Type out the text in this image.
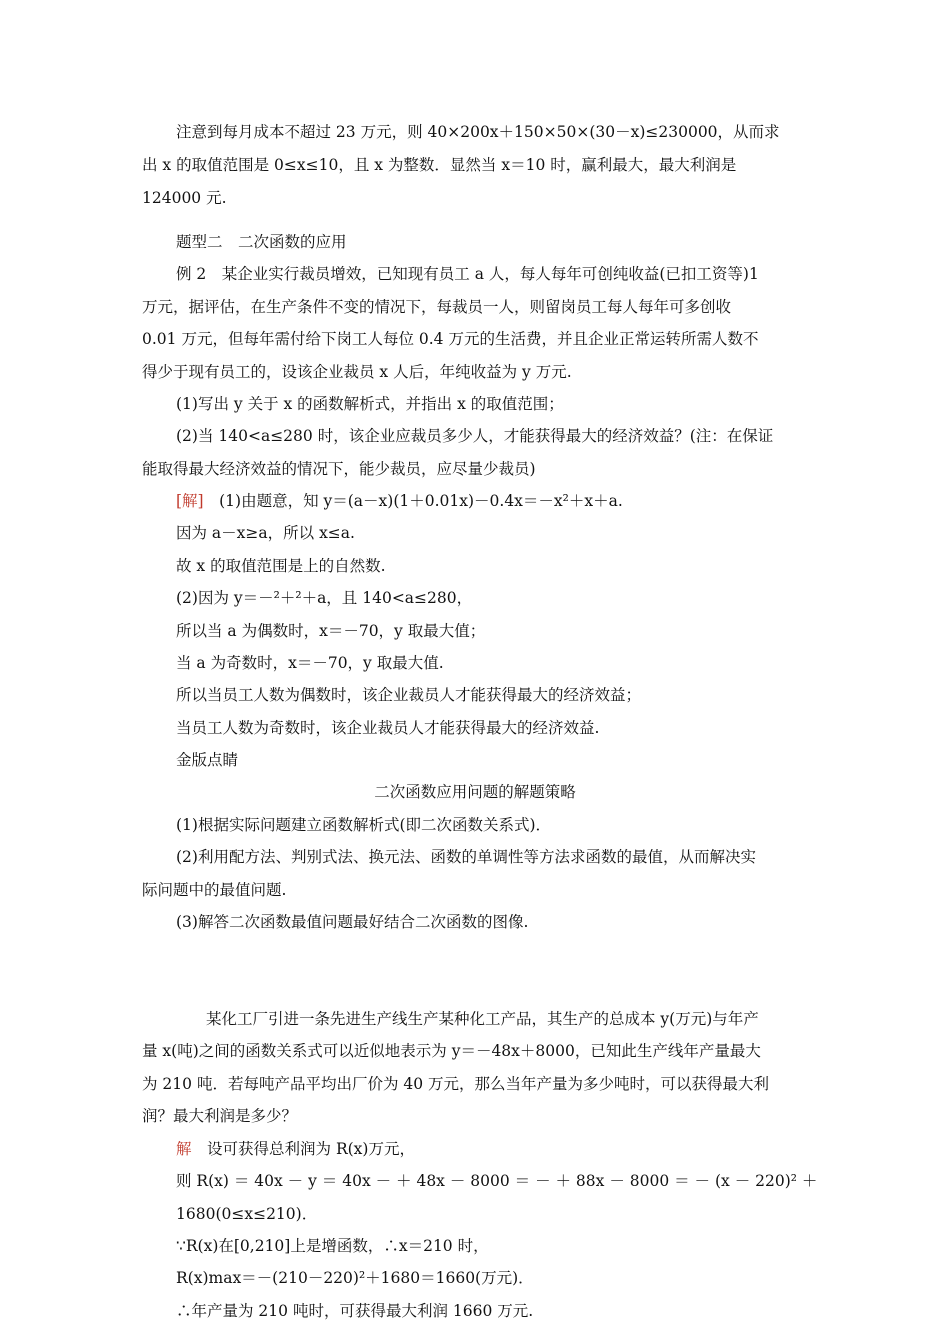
注意到每月成本不超过 23 万元，则 40×200x＋150×50×(30－x)≤230000，从而求
出 x 的取值范围是 0≤x≤10，且 x 为整数．显然当 x＝10 时，赢利最大，最大利润是
124000 元.
题型二　二次函数的应用
例 2　某企业实行裁员增效，已知现有员工 a 人，每人每年可创纯收益(已扣工资等)1
万元，据评估，在生产条件不变的情况下，每裁员一人，则留岗员工每人每年可多创收
0.01 万元，但每年需付给下岗工人每位 0.4 万元的生活费，并且企业正常运转所需人数不
得少于现有员工的，设该企业裁员 x 人后，年纯收益为 y 万元.
(1)写出 y 关于 x 的函数解析式，并指出 x 的取值范围；
(2)当 140<a≤280 时，该企业应裁员多少人，才能获得最大的经济效益？(注：在保证
能取得最大经济效益的情况下，能少裁员，应尽量少裁员)
[解]　(1)由题意，知 y＝(a－x)(1＋0.01x)－0.4x＝－x²＋x＋a.
因为 a－x≥a，所以 x≤a.
故 x 的取值范围是上的自然数.
(2)因为 y＝－²＋²＋a，且 140<a≤280，
所以当 a 为偶数时，x＝－70，y 取最大值；
当 a 为奇数时，x＝－70，y 取最大值.
所以当员工人数为偶数时，该企业裁员人才能获得最大的经济效益；
当员工人数为奇数时，该企业裁员人才能获得最大的经济效益.
金版点睛
二次函数应用问题的解题策略
(1)根据实际问题建立函数解析式(即二次函数关系式)．
(2)利用配方法、判别式法、换元法、函数的单调性等方法求函数的最值，从而解决实
际问题中的最值问题.
(3)解答二次函数最值问题最好结合二次函数的图像.
某化工厂引进一条先进生产线生产某种化工产品，其生产的总成本 y(万元)与年产
量 x(吨)之间的函数关系式可以近似地表示为 y＝－48x＋8000，已知此生产线年产量最大
为 210 吨．若每吨产品平均出厂价为 40 万元，那么当年产量为多少吨时，可以获得最大利
润？最大利润是多少？
解　设可获得总利润为 R(x)万元，
则 R(x) ＝ 40x － y ＝ 40x － ＋ 48x － 8000 ＝ － ＋ 88x － 8000 ＝ － (x － 220)² ＋
1680(0≤x≤210)．
∵R(x)在[0,210]上是增函数，∴x＝210 时，
R(x)max＝－(210－220)²＋1680＝1660(万元)．
∴年产量为 210 吨时，可获得最大利润 1660 万元.
